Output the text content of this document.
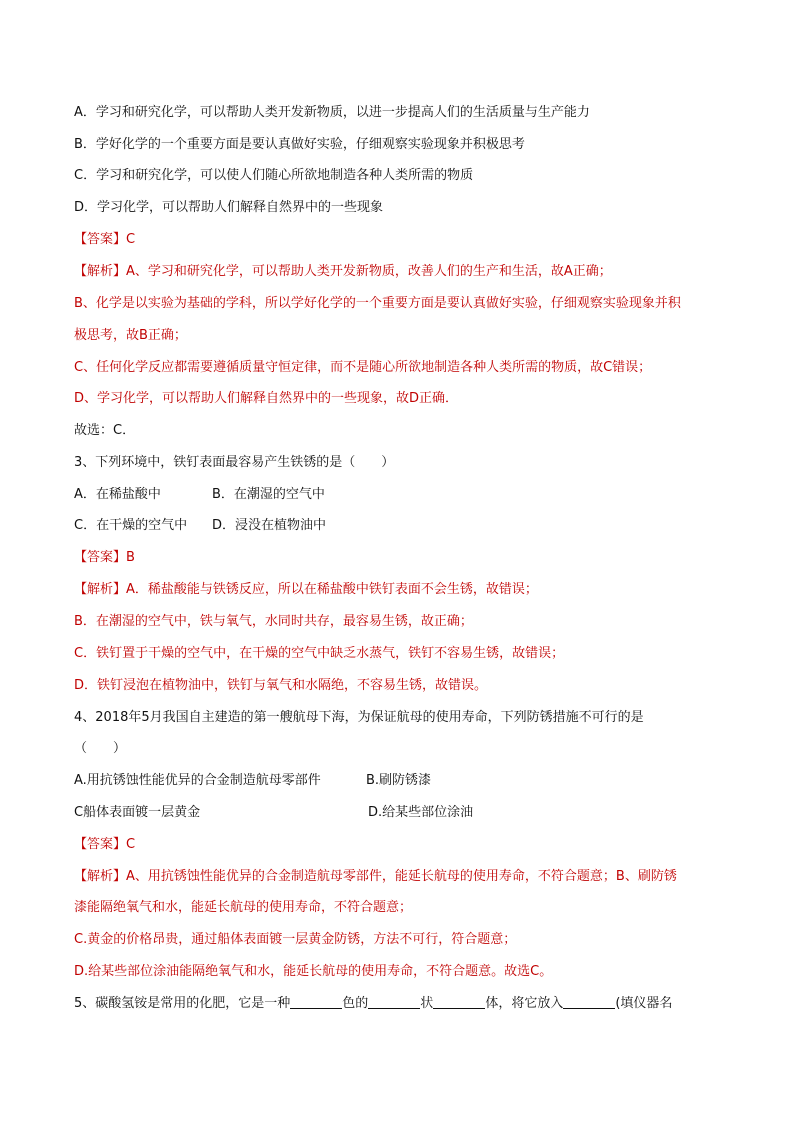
A．学习和研究化学，可以帮助人类开发新物质，以进一步提高人们的生活质量与生产能力

B．学好化学的一个重要方面是要认真做好实验，仔细观察实验现象并积极思考

C．学习和研究化学，可以使人们随心所欲地制造各种人类所需的物质

D．学习化学，可以帮助人们解释自然界中的一些现象

【答案】C

【解析】A、学习和研究化学，可以帮助人类开发新物质，改善人们的生产和生活，故A正确；

B、化学是以实验为基础的学科，所以学好化学的一个重要方面是要认真做好实验，仔细观察实验现象并积

极思考，故B正确；

C、任何化学反应都需要遵循质量守恒定律，而不是随心所欲地制造各种人类所需的物质，故C错误；

D、学习化学，可以帮助人们解释自然界中的一些现象，故D正确．

故选：C．

3、下列环境中，铁钉表面最容易产生铁锈的是（　　）

A．在稀盐酸中	B．在潮湿的空气中

C．在干燥的空气中 D．浸没在植物油中

【答案】B

【解析】A．稀盐酸能与铁锈反应，所以在稀盐酸中铁钉表面不会生锈，故错误；

B．在潮湿的空气中，铁与氧气，水同时共存，最容易生锈，故正确；

C．铁钉置于干燥的空气中，在干燥的空气中缺乏水蒸气，铁钉不容易生锈，故错误；

D．铁钉浸泡在植物油中，铁钉与氧气和水隔绝，不容易生锈，故错误。

4、2018年5月我国自主建造的第一艘航母下海，为保证航母的使用寿命，下列防锈措施不可行的是

（　　）

A.用抗锈蚀性能优异的合金制造航母零部件	B.刷防锈漆

C船体表面镀一层黄金	D.给某些部位涂油

【答案】C

【解析】A、用抗锈蚀性能优异的合金制造航母零部件，能延长航母的使用寿命，不符合题意；B、刷防锈

漆能隔绝氧气和水，能延长航母的使用寿命，不符合题意；

C.黄金的价格昂贵，通过船体表面镀一层黄金防锈，方法不可行，符合题意；

D.给某些部位涂油能隔绝氧气和水，能延长航母的使用寿命，不符合题意。故选C。

5、碳酸氢铵是常用的化肥，它是一种	色的	状	体，将它放入	(填仪器名
